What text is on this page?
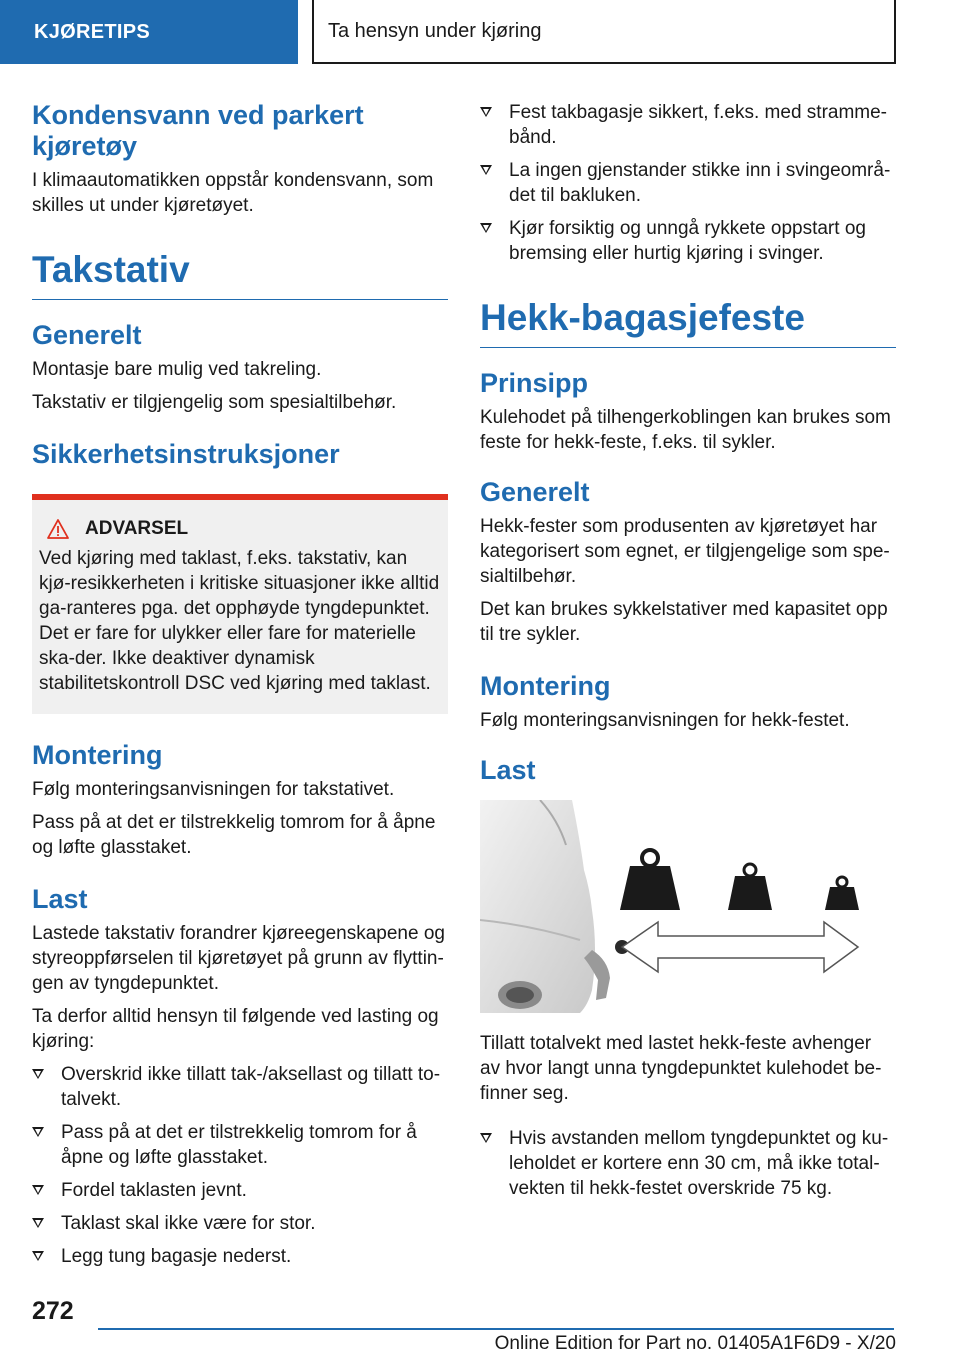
KJØRETIPS	Ta hensyn under kjøring
Kondensvann ved parkert kjøretøy

I klimaautomatikken oppstår kondensvann, som skilles ut under kjøretøyet.

Takstativ
Generelt

Montasje bare mulig ved takreling.

Takstativ er tilgjengelig som spesialtilbehør.

Sikkerhetsinstruksjoner
ADVARSEL

Ved kjøring med taklast, f.eks. takstativ, kan kjø-resikkerheten i kritiske situasjoner ikke alltid ga-ranteres pga. det opphøyde tyngdepunktet. Det er fare for ulykker eller fare for materielle ska-der. Ikke deaktiver dynamisk stabilitetskontroll DSC ved kjøring med taklast.

Montering

Følg monteringsanvisningen for takstativet.

Pass på at det er tilstrekkelig tomrom for å åpne og løfte glasstaket.

Last

Lastede takstativ forandrer kjøreegenskapene og styreoppførselen til kjøretøyet på grunn av flyttin-gen av tyngdepunktet.

Ta derfor alltid hensyn til følgende ved lasting og kjøring:

Overskrid ikke tillatt tak-/aksellast og tillatt to-talvekt.
Pass på at det er tilstrekkelig tomrom for å åpne og løfte glasstaket.
Fordel taklasten jevnt.
Taklast skal ikke være for stor.
Legg tung bagasje nederst.
Fest takbagasje sikkert, f.eks. med stramme-bånd.
La ingen gjenstander stikke inn i svingeområ-det til bakluken.
Kjør forsiktig og unngå rykkete oppstart og bremsing eller hurtig kjøring i svinger.
Hekk-bagasjefeste
Prinsipp

Kulehodet på tilhengerkoblingen kan brukes som feste for hekk-feste, f.eks. til sykler.

Generelt

Hekk-fester som produsenten av kjøretøyet har kategorisert som egnet, er tilgjengelige som spe-sialtilbehør.

Det kan brukes sykkelstativer med kapasitet opp til tre sykler.

Montering

Følg monteringsanvisningen for hekk-festet.

Last

Tillatt totalvekt med lastet hekk-feste avhenger av hvor langt unna tyngdepunktet kulehodet be-finner seg.

Hvis avstanden mellom tyngdepunktet og ku-leholdet er kortere enn 30 cm, må ikke total-vekten til hekk-festet overskride 75 kg.
272
Online Edition for Part no. 01405A1F6D9 - X/20
